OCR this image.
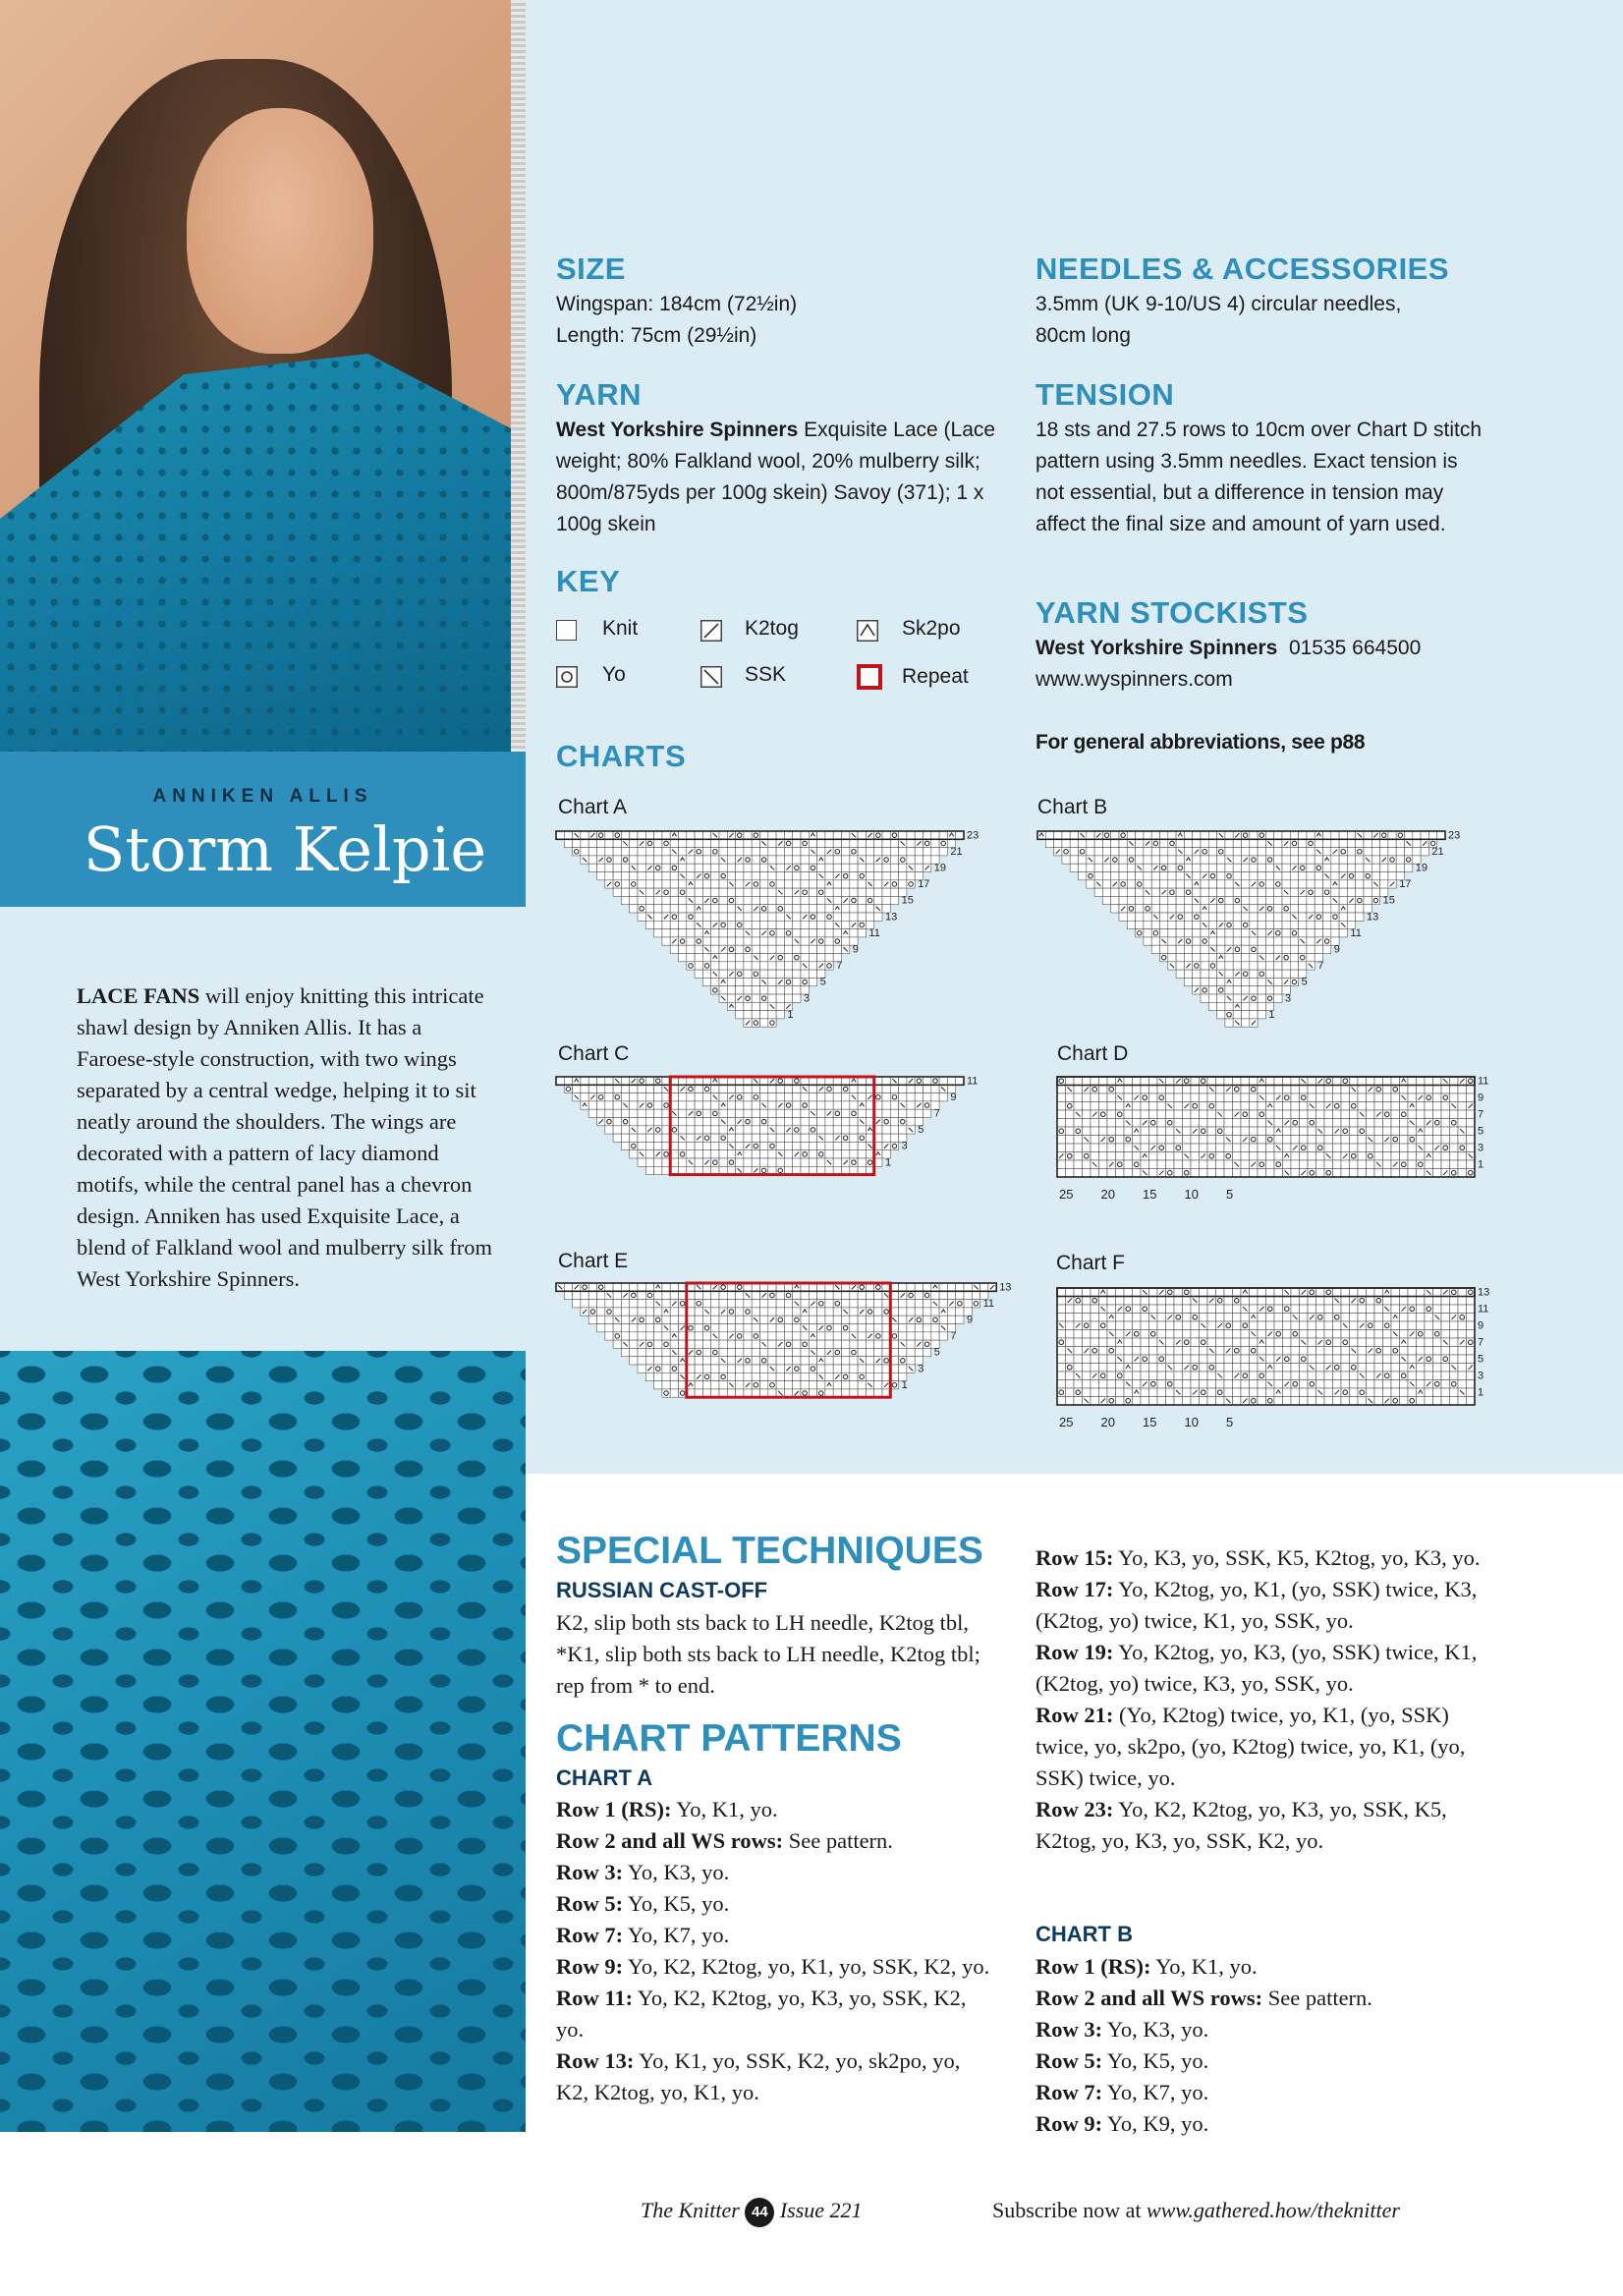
ANNIKEN ALLIS
Storm Kelpie
LACE FANS will enjoy knitting this intricate shawl design by Anniken Allis. It has a Faroese-style construction, with two wings separated by a central wedge, helping it to sit neatly around the shoulders. The wings are decorated with a pattern of lacy diamond motifs, while the central panel has a chevron design. Anniken has used Exquisite Lace, a blend of Falkland wool and mulberry silk from West Yorkshire Spinners.
SIZE
Wingspan: 184cm (72½in)
Length: 75cm (29½in)
YARN
West Yorkshire Spinners Exquisite Lace (Lace weight; 80% Falkland wool, 20% mulberry silk; 800m/875yds per 100g skein) Savoy (371); 1 x 100g skein
KEY
Knit	K2tog	Sk2po
Yo	SSK	Repeat
NEEDLES & ACCESSORIES
3.5mm (UK 9-10/US 4) circular needles, 80cm long
TENSION
18 sts and 27.5 rows to 10cm over Chart D stitch pattern using 3.5mm needles. Exact tension is not essential, but a difference in tension may affect the final size and amount of yarn used.
YARN STOCKISTS
West Yorkshire Spinners 01535 664500
www.wyspinners.com
For general abbreviations, see p88
CHARTS
Chart A
23
21
19
17
15
13
11
9
7
5
3
1
Chart B
23
21
19
17
15
13
11
9
7
5
3
1
Chart C
11
9
7
5
3
1
Chart D
11
9
7
5
3
1
25 20 15 10 5
Chart E
13
11
9
7
5
3
1
Chart F
13
11
9
7
5
3
1
25 20 15 10 5
SPECIAL TECHNIQUES
RUSSIAN CAST-OFF
K2, slip both sts back to LH needle, K2tog tbl, *K1, slip both sts back to LH needle, K2tog tbl; rep from * to end.
CHART PATTERNS
CHART A
Row 1 (RS): Yo, K1, yo.
Row 2 and all WS rows: See pattern.
Row 3: Yo, K3, yo.
Row 5: Yo, K5, yo.
Row 7: Yo, K7, yo.
Row 9: Yo, K2, K2tog, yo, K1, yo, SSK, K2, yo.
Row 11: Yo, K2, K2tog, yo, K3, yo, SSK, K2, yo.
Row 13: Yo, K1, yo, SSK, K2, yo, sk2po, yo, K2, K2tog, yo, K1, yo.
Row 15: Yo, K3, yo, SSK, K5, K2tog, yo, K3, yo.
Row 17: Yo, K2tog, yo, K1, (yo, SSK) twice, K3, (K2tog, yo) twice, K1, yo, SSK, yo.
Row 19: Yo, K2tog, yo, K3, (yo, SSK) twice, K1, (K2tog, yo) twice, K3, yo, SSK, yo.
Row 21: (Yo, K2tog) twice, yo, K1, (yo, SSK) twice, yo, sk2po, (yo, K2tog) twice, yo, K1, (yo, SSK) twice, yo.
Row 23: Yo, K2, K2tog, yo, K3, yo, SSK, K5, K2tog, yo, K3, yo, SSK, K2, yo.
CHART B
Row 1 (RS): Yo, K1, yo.
Row 2 and all WS rows: See pattern.
Row 3: Yo, K3, yo.
Row 5: Yo, K5, yo.
Row 7: Yo, K7, yo.
Row 9: Yo, K9, yo.
The Knitter 44 Issue 221	Subscribe now at www.gathered.how/theknitter
